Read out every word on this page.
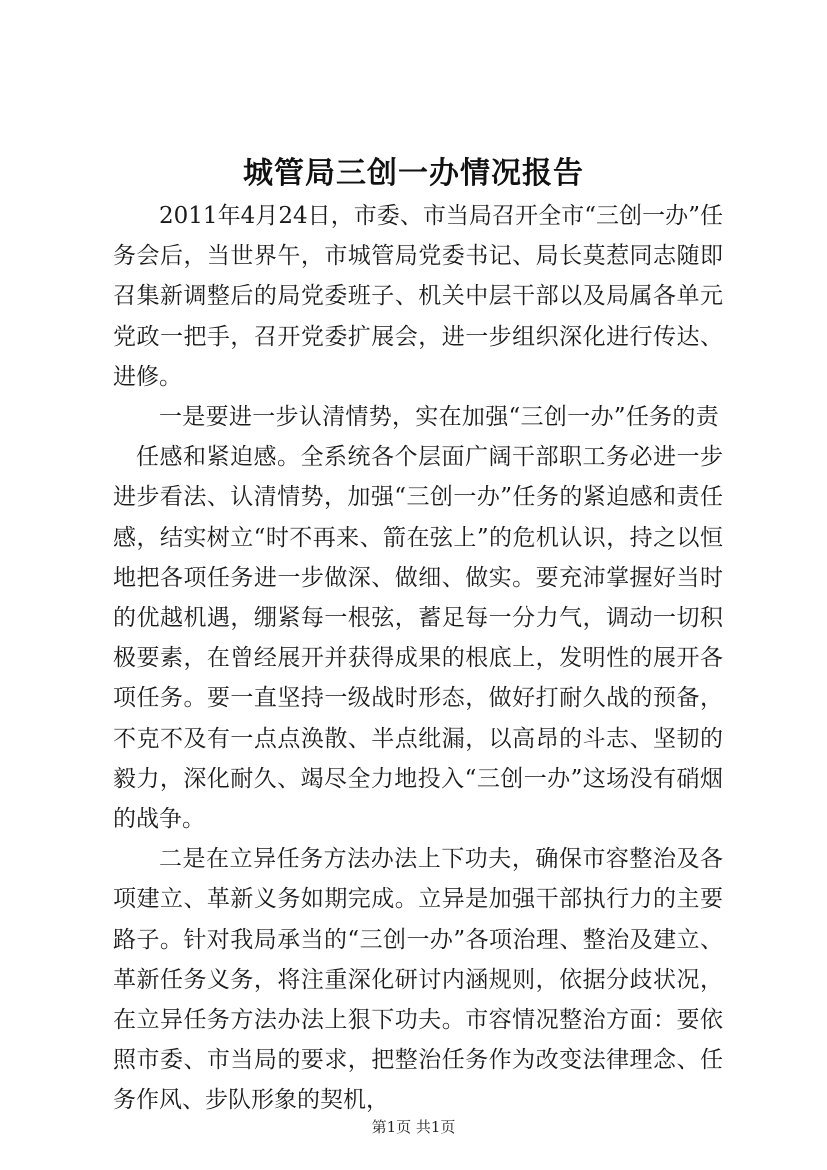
城管局三创一办情况报告

2011年4月24日，市委、市当局召开全市“三创一办”任务会后，当世界午，市城管局党委书记、局长莫惹同志随即召集新调整后的局党委班子、机关中层干部以及局属各单元党政一把手，召开党委扩展会，进一步组织深化进行传达、进修。

一是要进一步认清情势，实在加强“三创一办”任务的责

任感和紧迫感。全系统各个层面广阔干部职工务必进一步进步看法、认清情势，加强“三创一办”任务的紧迫感和责任感，结实树立“时不再来、箭在弦上”的危机认识，持之以恒地把各项任务进一步做深、做细、做实。要充沛掌握好当时的优越机遇，绷紧每一根弦，蓄足每一分力气，调动一切积极要素，在曾经展开并获得成果的根底上，发明性的展开各项任务。要一直坚持一级战时形态，做好打耐久战的预备，不克不及有一点点涣散、半点纰漏，以高昂的斗志、坚韧的毅力，深化耐久、竭尽全力地投入“三创一办”这场没有硝烟的战争。

二是在立异任务方法办法上下功夫，确保市容整治及各项建立、革新义务如期完成。立异是加强干部执行力的主要路子。针对我局承当的“三创一办”各项治理、整治及建立、革新任务义务，将注重深化研讨内涵规则，依据分歧状况，在立异任务方法办法上狠下功夫。市容情况整治方面：要依照市委、市当局的要求，把整治任务作为改变法律理念、任务作风、步队形象的契机，

第1页 共1页
